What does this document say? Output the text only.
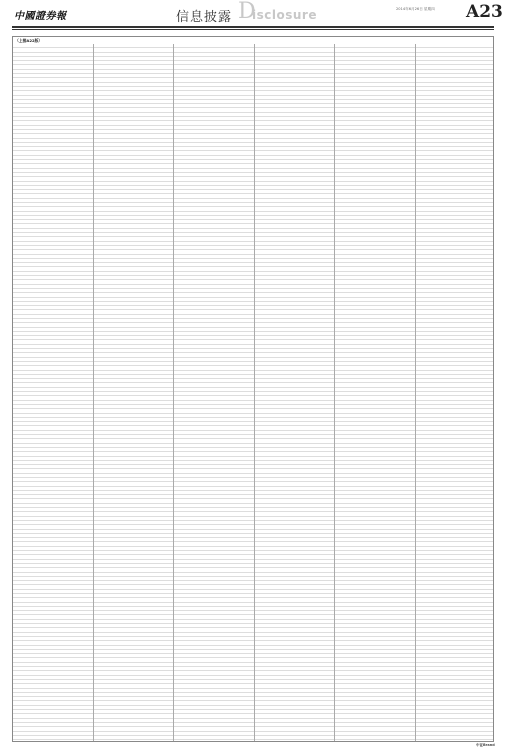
中國證券報	信息披露 D
isclosure	2014年6月26日 星期四 A23
（上接A22版）
中证Brand
